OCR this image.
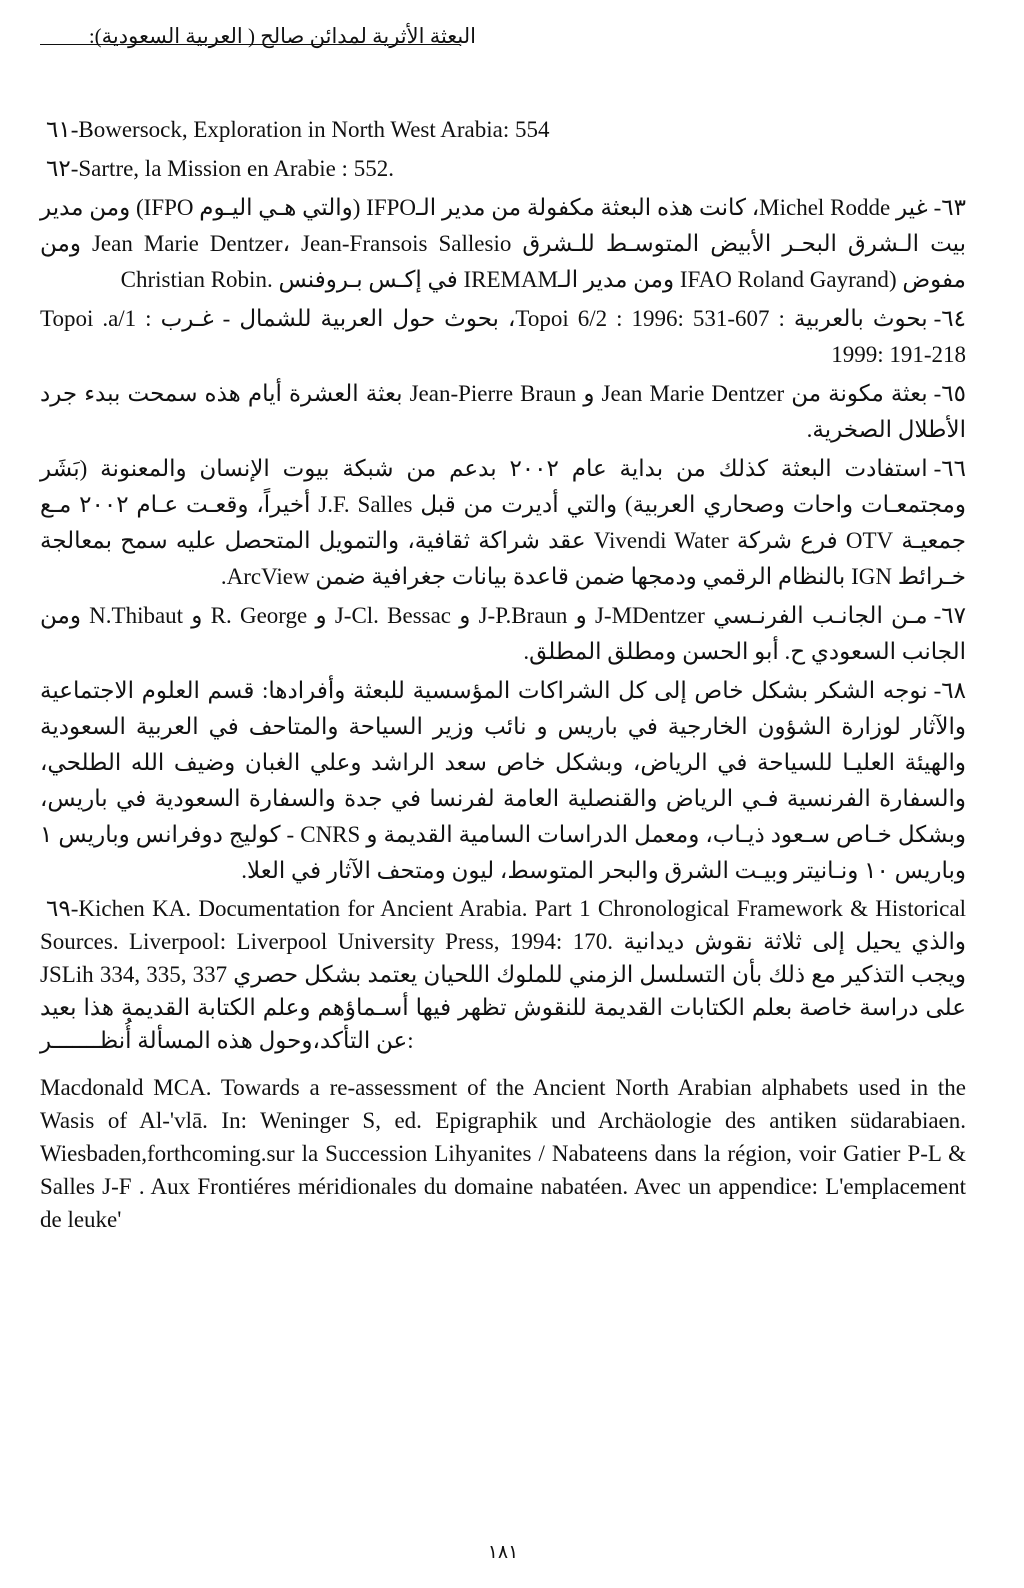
البعثة الأثرية لمدائن صالح ( العربية السعودية):

٦١-Bowersock, Exploration in North West Arabia: 554

٦٢-Sartre, la Mission en Arabie : 552.

٦٣-غير Michel Rodde، كانت هذه البعثة مكفولة من مدير الـIFPO (والتي هـي اليـوم IFPO) ومن مدير بيت الـشرق البحـر الأبيض المتوسـط للـشرق Jean Marie Dentzer، Jean-Fransois Sallesio ومن مفوض (IFAO Roland Gayrand ومن مدير الـIREMAM في إكـس بـروفنس .Christian Robin

٦٤-بحوث بالعربية : Topoi 6/2 : 1996: 531-607، بحوث حول العربية للشمال - غـرب Topoi .a/1 : 1999: 191-218

٦٥-بعثة مكونة من Jean Marie Dentzer و Jean-Pierre Braun بعثة العشرة أيام هذه سمحت ببدء جرد الأطلال الصخرية.

٦٦-استفادت البعثة كذلك من بداية عام ٢٠٠٢ بدعم من شبكة بيوت الإنسان والمعنونة (بَشَر ومجتمعـات واحات وصحاري العربية) والتي أديرت من قبل J.F. Salles أخيراً، وقعـت عـام ٢٠٠٢ مـع جمعيـة OTV فرع شركة Vivendi Water عقد شراكة ثقافية، والتمويل المتحصل عليه سمح بمعالجة خـرائط IGN بالنظام الرقمي ودمجها ضمن قاعدة بيانات جغرافية ضمن ArcView.

٦٧-مـن الجانـب الفرنـسي J-MDentzer و J-P.Braun و J-Cl. Bessac و R. George و N.Thibaut ومن الجانب السعودي ح. أبو الحسن ومطلق المطلق.

٦٨-نوجه الشكر بشكل خاص إلى كل الشراكات المؤسسية للبعثة وأفرادها: قسم العلوم الاجتماعية والآثار لوزارة الشؤون الخارجية في باريس و نائب وزير السياحة والمتاحف في العربية السعودية والهيئة العليـا للسياحة في الرياض، وبشكل خاص سعد الراشد وعلي الغبان وضيف الله الطلحي، والسفارة الفرنسية فـي الرياض والقنصلية العامة لفرنسا في جدة والسفارة السعودية في باريس، وبشكل خـاص سـعود ذيـاب، ومعمل الدراسات السامية القديمة و CNRS - كوليج دوفرانس وباريس ١ وباريس ١٠ ونـانيتر وبيـت الشرق والبحر المتوسط، ليون ومتحف الآثار في العلا.

٦٩-Kichen KA. Documentation for Ancient Arabia. Part 1 Chronological Framework & Historical Sources. Liverpool: Liverpool University Press, 1994: 170. والذي يحيل إلى ثلاثة نقوش ديدانية JSLih 334, 335, 337 ويجب التذكير مع ذلك بأن التسلسل الزمني للملوك اللحيان يعتمد بشكل حصري على دراسة خاصة بعلم الكتابات القديمة للنقوش تظهر فيها أسـماؤهم وعلم الكتابة القديمة هذا بعيد عن التأكد،وحول هذه المسألة أُنظـــــــر:

Macdonald MCA. Towards a re-assessment of the Ancient North Arabian alphabets used in the Wasis of Al-'vlā. In: Weninger S, ed. Epigraphik und Archäologie des antiken südarabiaen. Wiesbaden,forthcoming.sur la Succession Lihyanites / Nabateens dans la région, voir Gatier P-L & Salles J-F . Aux Frontiéres méridionales du domaine nabatéen. Avec un appendice: L'emplacement de leuke'

١٨١
